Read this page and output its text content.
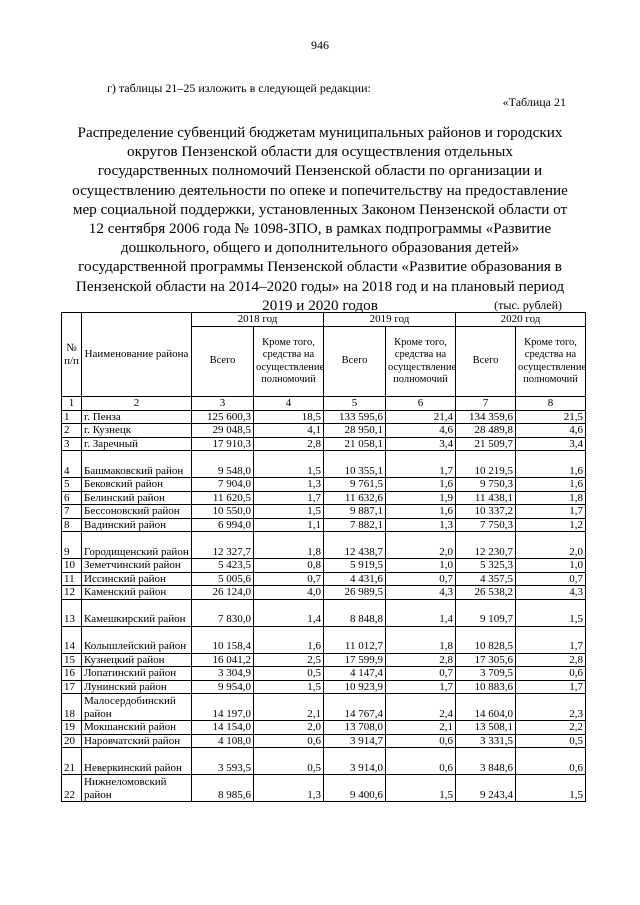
946
г) таблицы 21–25 изложить в следующей редакции:
«Таблица 21
Распределение субвенций бюджетам муниципальных районов и городских округов Пензенской области для осуществления отдельных государственных полномочий Пензенской области по организации и осуществлению деятельности по опеке и попечительству на предоставление мер социальной поддержки, установленных Законом Пензенской области от 12 сентября 2006 года № 1098-ЗПО, в рамках подпрограммы «Развитие дошкольного, общего и дополнительного образования детей» государственной программы Пензенской области «Развитие образования в Пензенской области на 2014–2020 годы» на 2018 год и на плановый период 2019 и 2020 годов	(тыс. рублей)
№ п/п	Наименование района	2018 год		2019 год		2020 год	
		Всего	Кроме того, средства на осуществление полномочий	Всего	Кроме того, средства на осуществление полномочий	Всего	Кроме того, средства на осуществление полномочий
1	2	3	4	5	6	7	8
1	г. Пенза	125 600,3	18,5	133 595,6	21,4	134 359,6	21,5
2	г. Кузнецк	29 048,5	4,1	28 950,1	4,6	28 489,8	4,6
3	г. Заречный	17 910,3	2,8	21 058,1	3,4	21 509,7	3,4
4	Башмаковский район	9 548,0	1,5	10 355,1	1,7	10 219,5	1,6
5	Бековский район	7 904,0	1,3	9 761,5	1,6	9 750,3	1,6
6	Белинский район	11 620,5	1,7	11 632,6	1,9	11 438,1	1,8
7	Бессоновский район	10 550,0	1,5	9 887,1	1,6	10 337,2	1,7
8	Вадинский район	6 994,0	1,1	7 882,1	1,3	7 750,3	1,2
9	Городищенский район	12 327,7	1,8	12 438,7	2,0	12 230,7	2,0
10	Земетчинский район	5 423,5	0,8	5 919,5	1,0	5 325,3	1,0
11	Иссинский район	5 005,6	0,7	4 431,6	0,7	4 357,5	0,7
12	Каменский район	26 124,0	4,0	26 989,5	4,3	26 538,2	4,3
13	Камешкирский район	7 830,0	1,4	8 848,8	1,4	9 109,7	1,5
14	Колышлейский район	10 158,4	1,6	11 012,7	1,8	10 828,5	1,7
15	Кузнецкий район	16 041,2	2,5	17 599,9	2,8	17 305,6	2,8
16	Лопатинский район	3 304,9	0,5	4 147,4	0,7	3 709,5	0,6
17	Лунинский район	9 954,0	1,5	10 923,9	1,7	10 883,6	1,7
18	Малосердобинский район	14 197,0	2,1	14 767,4	2,4	14 604,0	2,3
19	Мокшанский район	14 154,0	2,0	13 708,0	2,1	13 508,1	2,2
20	Наровчатский район	4 108,0	0,6	3 914,7	0,6	3 331,5	0,5
21	Неверкинский район	3 593,5	0,5	3 914,0	0,6	3 848,6	0,6
22	Нижнеломовский район	8 985,6	1,3	9 400,6	1,5	9 243,4	1,5
